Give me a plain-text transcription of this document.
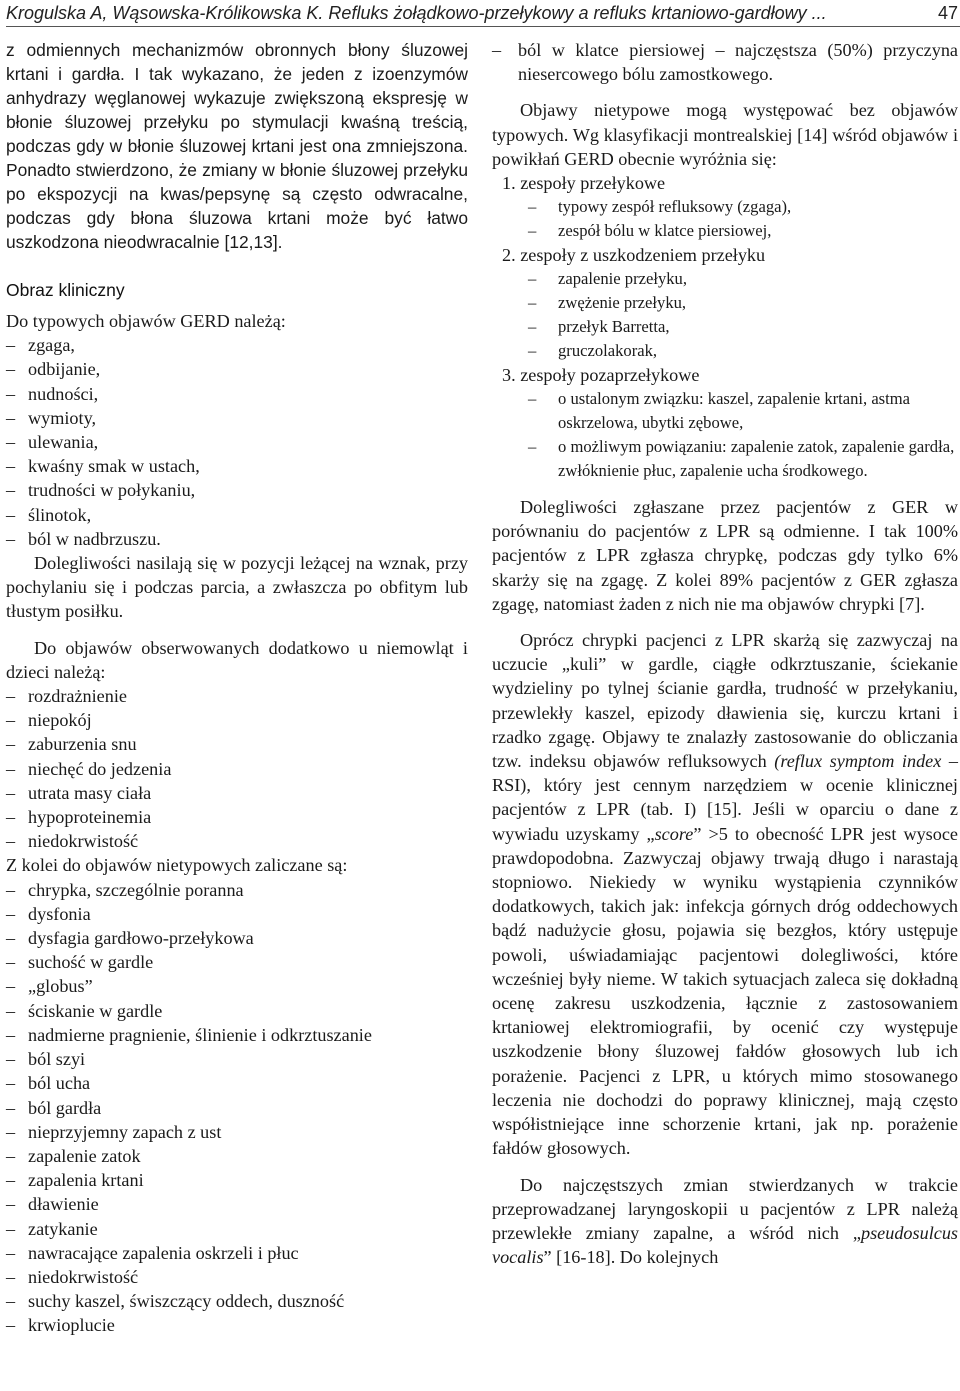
Krogulska A, Wąsowska-Królikowska K. Refluks żołądkowo-przełykowy a refluks krtaniowo-gardłowy ...	47

z odmiennych mechanizmów obronnych błony śluzowej krtani i gardła. I tak wykazano, że jeden z izoenzymów anhydrazy węglanowej wykazuje zwiększoną ekspresję w błonie śluzowej przełyku po stymulacji kwaśną treścią, podczas gdy w błonie śluzowej krtani jest ona zmniejszona. Ponadto stwierdzono, że zmiany w błonie śluzowej przełyku po ekspozycji na kwas/pepsynę są często odwracalne, podczas gdy błona śluzowa krtani może być łatwo uszkodzona nieodwracalnie [12,13].

Obraz kliniczny

Do typowych objawów GERD należą:

– zgaga,
– odbijanie,
– nudności,
– wymioty,
– ulewania,
– kwaśny smak w ustach,
– trudności w połykaniu,
– ślinotok,
– ból w nadbrzuszu.

Dolegliwości nasilają się w pozycji leżącej na wznak, przy pochylaniu się i podczas parcia, a zwłaszcza po obfitym lub tłustym posiłku.

Do objawów obserwowanych dodatkowo u niemowląt i dzieci należą:

– rozdrażnienie
– niepokój
– zaburzenia snu
– niechęć do jedzenia
– utrata masy ciała
– hypoproteinemia
– niedokrwistość
Z kolei do objawów nietypowych zaliczane są:
– chrypka, szczególnie poranna
– dysfonia
– dysfagia gardłowo-przełykowa
– suchość w gardle
– „globus”
– ściskanie w gardle
– nadmierne pragnienie, ślinienie i odkrztuszanie
– ból szyi
– ból ucha
– ból gardła
– nieprzyjemny zapach z ust
– zapalenie zatok
– zapalenia krtani
– dławienie
– zatykanie
– nawracające zapalenia oskrzeli i płuc
– niedokrwistość
– suchy kaszel, świszczący oddech, duszność
– krwioplucie
– ból w klatce piersiowej – najczęstsza (50%) przyczyna niesercowego bólu zamostkowego.

Objawy nietypowe mogą występować bez objawów typowych. Wg klasyfikacji montrealskiej [14] wśród objawów i powikłań GERD obecnie wyróżnia się:

1. zespoły przełykowe
– typowy zespół refluksowy (zgaga),
– zespół bólu w klatce piersiowej,
2. zespoły z uszkodzeniem przełyku
– zapalenie przełyku,
– zwężenie przełyku,
– przełyk Barretta,
– gruczolakorak,
3. zespoły pozaprzełykowe
– o ustalonym związku: kaszel, zapalenie krtani, astma oskrzelowa, ubytki zębowe,
– o możliwym powiązaniu: zapalenie zatok, zapalenie gardła, zwłóknienie płuc, zapalenie ucha środkowego.

Dolegliwości zgłaszane przez pacjentów z GER w porównaniu do pacjentów z LPR są odmienne. I tak 100% pacjentów z LPR zgłasza chrypkę, podczas gdy tylko 6% skarży się na zgagę. Z kolei 89% pacjentów z GER zgłasza zgagę, natomiast żaden z nich nie ma objawów chrypki [7].

Oprócz chrypki pacjenci z LPR skarżą się zazwyczaj na uczucie „kuli” w gardle, ciągłe odkrztuszanie, ściekanie wydzieliny po tylnej ścianie gardła, trudność w przełykaniu, przewlekły kaszel, epizody dławienia się, kurczu krtani i rzadko zgagę. Objawy te znalazły zastosowanie do obliczania tzw. indeksu objawów refluksowych (reflux symptom index – RSI), który jest cennym narzędziem w ocenie klinicznej pacjentów z LPR (tab. I) [15]. Jeśli w oparciu o dane z wywiadu uzyskamy „score” >5 to obecność LPR jest wysoce prawdopodobna. Zazwyczaj objawy trwają długo i narastają stopniowo. Niekiedy w wyniku wystąpienia czynników dodatkowych, takich jak: infekcja górnych dróg oddechowych bądź nadużycie głosu, pojawia się bezgłos, który ustępuje powoli, uświadamiając pacjentowi dolegliwości, które wcześniej były nieme. W takich sytuacjach zaleca się dokładną ocenę zakresu uszkodzenia, łącznie z zastosowaniem krtaniowej elektromiografii, by ocenić czy występuje uszkodzenie błony śluzowej fałdów głosowych lub ich porażenie. Pacjenci z LPR, u których mimo stosowanego leczenia nie dochodzi do poprawy klinicznej, mają często współistniejące inne schorzenie krtani, jak np. porażenie fałdów głosowych.

Do najczęstszych zmian stwierdzanych w trakcie przeprowadzanej laryngoskopii u pacjentów z LPR należą przewlekłe zmiany zapalne, a wśród nich „pseudosulcus vocalis” [16-18]. Do kolejnych
